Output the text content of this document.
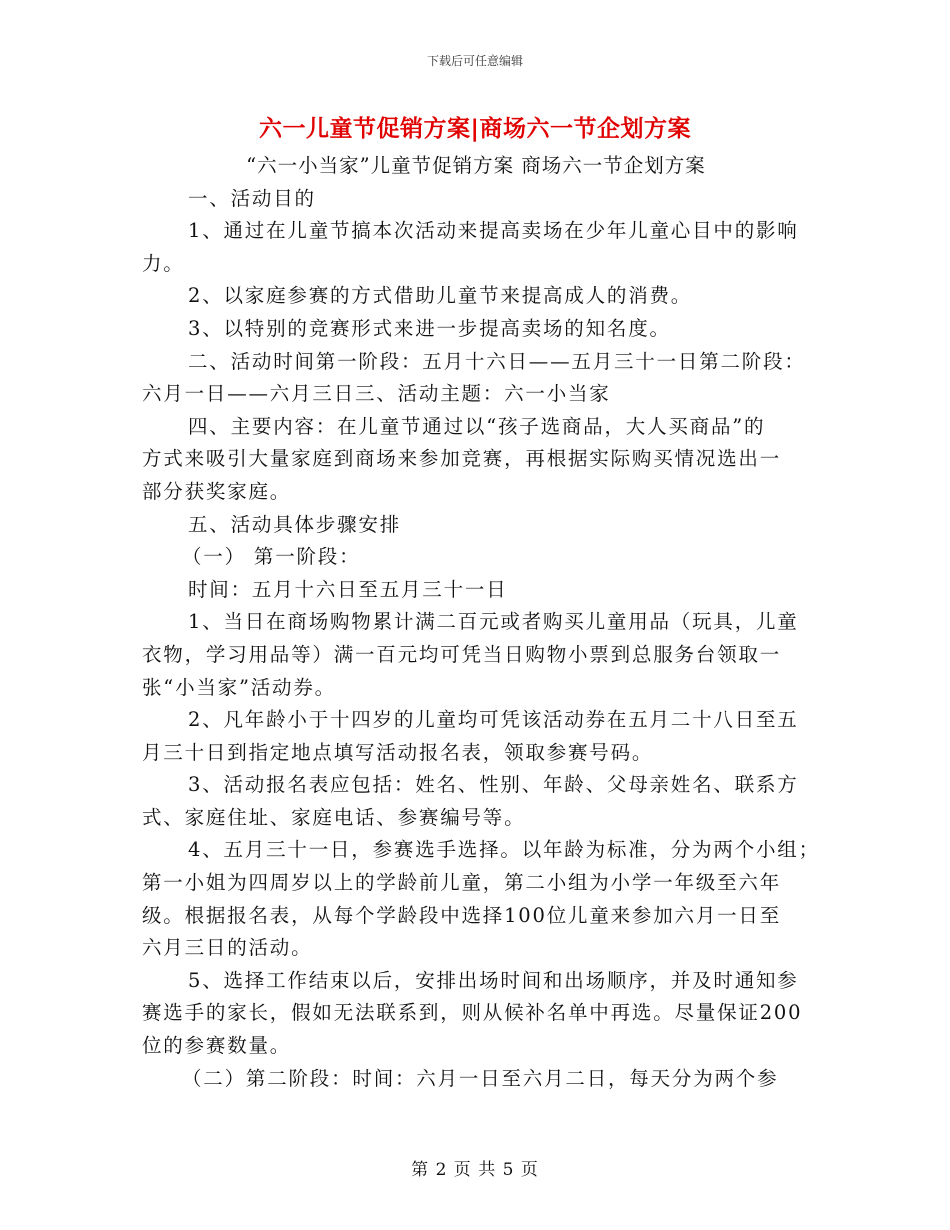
下载后可任意编辑
六一儿童节促销方案|商场六一节企划方案
“六一小当家”儿童节促销方案 商场六一节企划方案
一、活动目的
1、通过在儿童节搞本次活动来提高卖场在少年儿童心目中的影响
力。
2、以家庭参赛的方式借助儿童节来提高成人的消费。
3、以特别的竞赛形式来进一步提高卖场的知名度。
二、活动时间第一阶段：五月十六日——五月三十一日第二阶段：
六月一日——六月三日三、活动主题：六一小当家
四、主要内容：在儿童节通过以“孩子选商品，大人买商品”的
方式来吸引大量家庭到商场来参加竞赛，再根据实际购买情况选出一
部分获奖家庭。
五、活动具体步骤安排
（一） 第一阶段：
时间：五月十六日至五月三十一日
1、当日在商场购物累计满二百元或者购买儿童用品（玩具，儿童
衣物，学习用品等）满一百元均可凭当日购物小票到总服务台领取一
张“小当家”活动券。
2、凡年龄小于十四岁的儿童均可凭该活动券在五月二十八日至五
月三十日到指定地点填写活动报名表，领取参赛号码。
3、活动报名表应包括：姓名、性别、年龄、父母亲姓名、联系方
式、家庭住址、家庭电话、参赛编号等。
4、五月三十一日，参赛选手选择。以年龄为标准，分为两个小组；
第一小姐为四周岁以上的学龄前儿童，第二小组为小学一年级至六年
级。根据报名表，从每个学龄段中选择100位儿童来参加六月一日至
六月三日的活动。
5、选择工作结束以后，安排出场时间和出场顺序，并及时通知参
赛选手的家长，假如无法联系到，则从候补名单中再选。尽量保证200
位的参赛数量。
（二）第二阶段：时间：六月一日至六月二日，每天分为两个参
第 2 页 共 5 页
